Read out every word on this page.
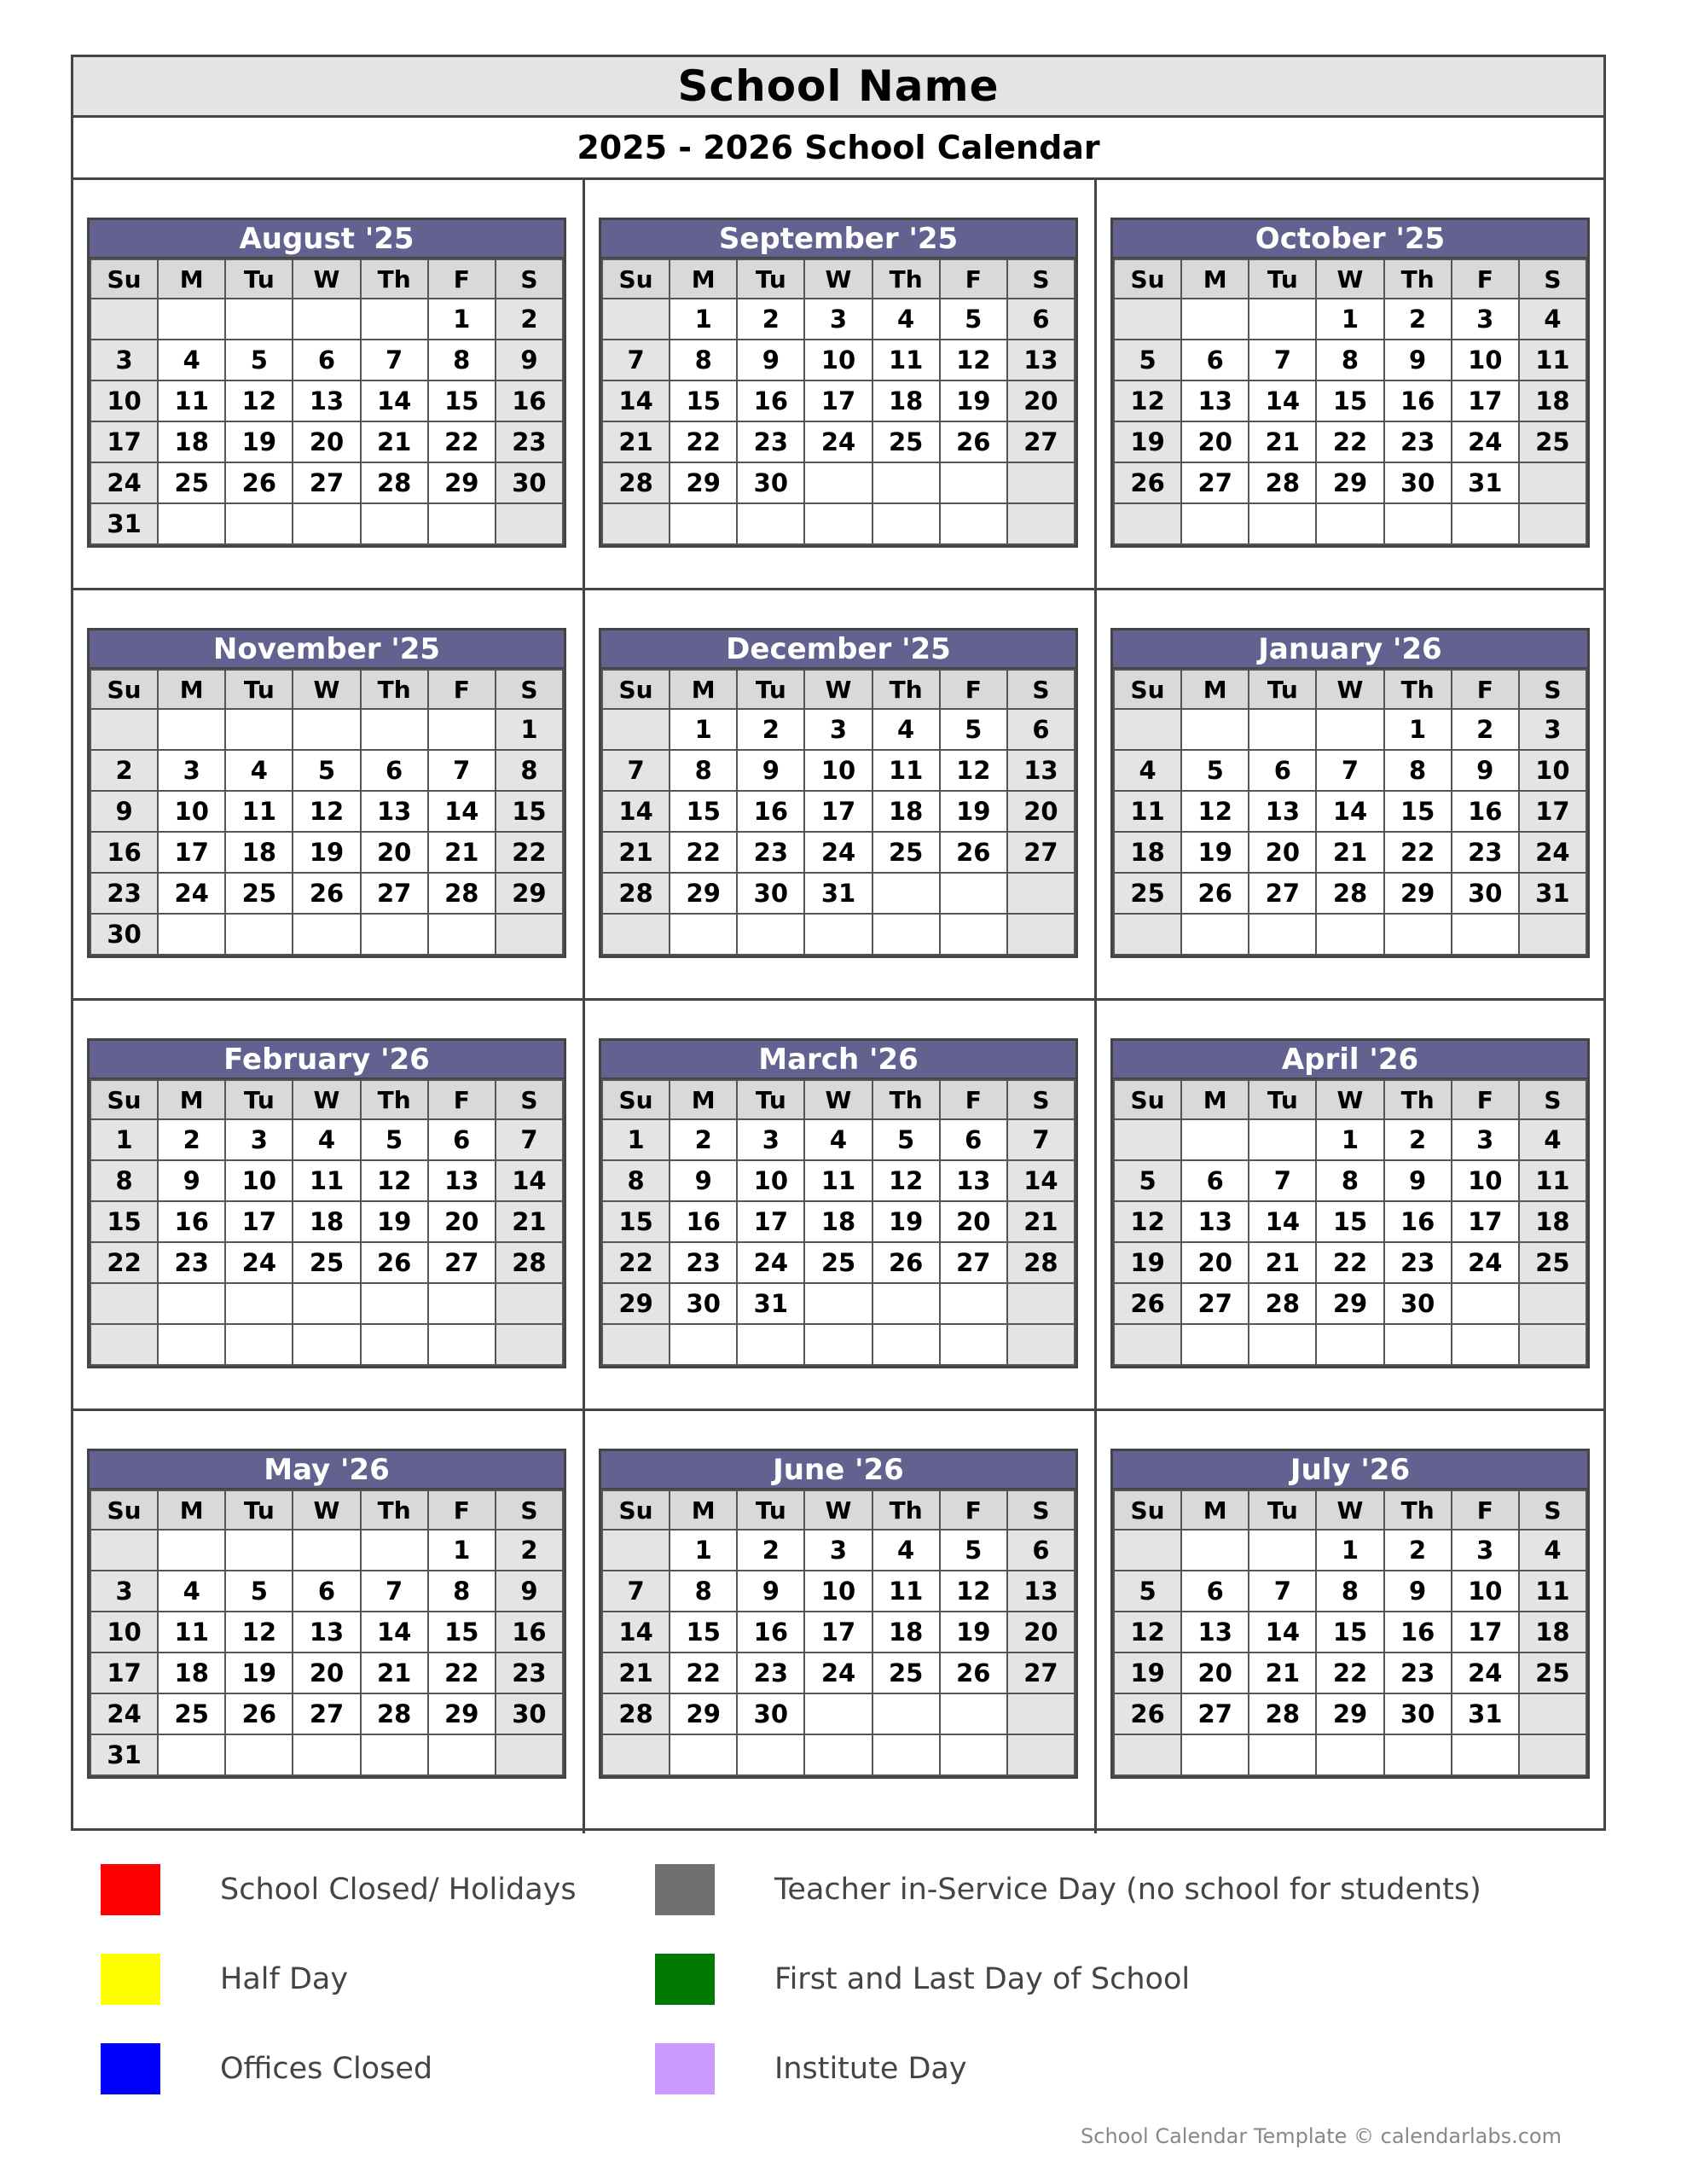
School Name
2025 - 2026 School Calendar
August '25
Su	M	Tu	W	Th	F	S
					1	2
3	4	5	6	7	8	9
10	11	12	13	14	15	16
17	18	19	20	21	22	23
24	25	26	27	28	29	30
31						
September '25
Su	M	Tu	W	Th	F	S
	1	2	3	4	5	6
7	8	9	10	11	12	13
14	15	16	17	18	19	20
21	22	23	24	25	26	27
28	29	30				

October '25
Su	M	Tu	W	Th	F	S
			1	2	3	4
5	6	7	8	9	10	11
12	13	14	15	16	17	18
19	20	21	22	23	24	25
26	27	28	29	30	31	

November '25
Su	M	Tu	W	Th	F	S
						1
2	3	4	5	6	7	8
9	10	11	12	13	14	15
16	17	18	19	20	21	22
23	24	25	26	27	28	29
30						
December '25
Su	M	Tu	W	Th	F	S
	1	2	3	4	5	6
7	8	9	10	11	12	13
14	15	16	17	18	19	20
21	22	23	24	25	26	27
28	29	30	31			

January '26
Su	M	Tu	W	Th	F	S
				1	2	3
4	5	6	7	8	9	10
11	12	13	14	15	16	17
18	19	20	21	22	23	24
25	26	27	28	29	30	31

February '26
Su	M	Tu	W	Th	F	S
1	2	3	4	5	6	7
8	9	10	11	12	13	14
15	16	17	18	19	20	21
22	23	24	25	26	27	28

March '26
Su	M	Tu	W	Th	F	S
1	2	3	4	5	6	7
8	9	10	11	12	13	14
15	16	17	18	19	20	21
22	23	24	25	26	27	28
29	30	31				

April '26
Su	M	Tu	W	Th	F	S
			1	2	3	4
5	6	7	8	9	10	11
12	13	14	15	16	17	18
19	20	21	22	23	24	25
26	27	28	29	30		

May '26
Su	M	Tu	W	Th	F	S
					1	2
3	4	5	6	7	8	9
10	11	12	13	14	15	16
17	18	19	20	21	22	23
24	25	26	27	28	29	30
31						
June '26
Su	M	Tu	W	Th	F	S
	1	2	3	4	5	6
7	8	9	10	11	12	13
14	15	16	17	18	19	20
21	22	23	24	25	26	27
28	29	30				

July '26
Su	M	Tu	W	Th	F	S
			1	2	3	4
5	6	7	8	9	10	11
12	13	14	15	16	17	18
19	20	21	22	23	24	25
26	27	28	29	30	31	

School Closed/ Holidays
Half Day
Offices Closed
Teacher in-Service Day (no school for students)
First and Last Day of School
Institute Day
School Calendar Template © calendarlabs.com
